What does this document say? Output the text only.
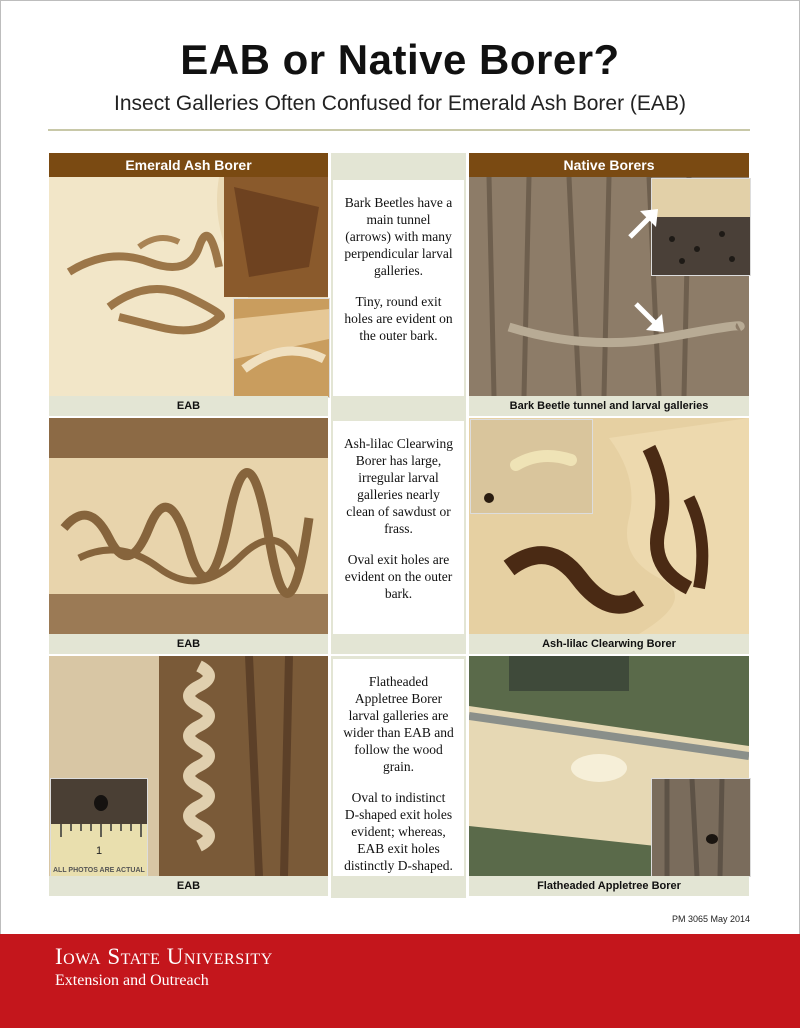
EAB or Native Borer?
Insect Galleries Often Confused for Emerald Ash Borer (EAB)
Emerald Ash Borer	Native Borers

Bark Beetles have a main tunnel (arrows) with many perpendicular larval galleries.

Tiny, round exit holes are evident on the outer bark.

EAB	Bark Beetle tunnel and larval galleries

Ash-lilac Clearwing Borer has large, irregular larval galleries nearly clean of sawdust or frass.

Oval exit holes are evident on the outer bark.

EAB	Ash-lilac Clearwing Borer
1
ALL PHOTOS ARE ACTUAL

Flatheaded Appletree Borer larval galleries are wider than EAB and follow the wood grain.

Oval to indistinct D-shaped exit holes evident; whereas, EAB exit holes distinctly D-shaped.

EAB	Flatheaded Appletree Borer
PM 3065 May 2014
Iowa State University
Extension and Outreach
